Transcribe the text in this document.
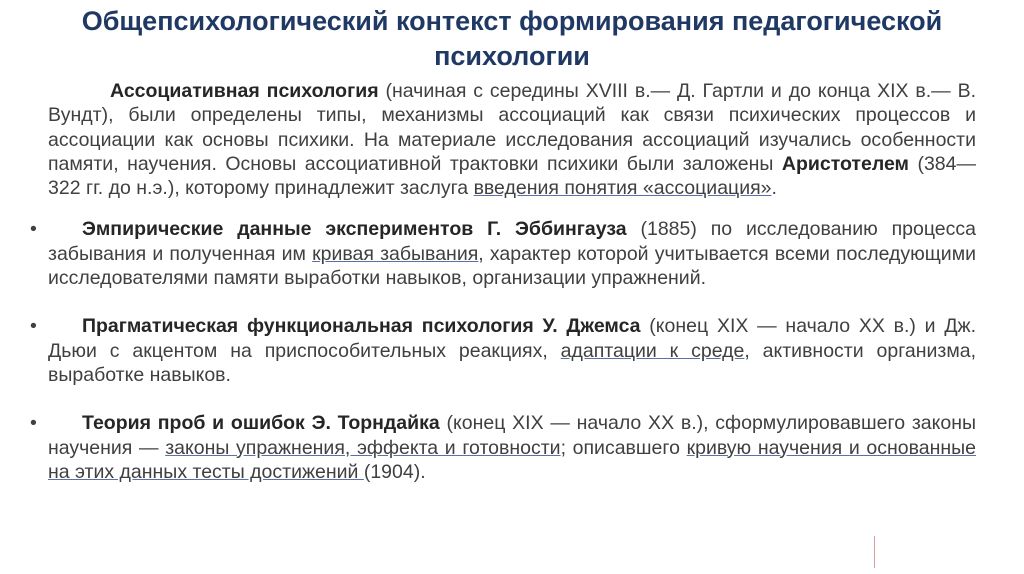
Общепсихологический контекст формирования педагогической
психологии

Ассоциативная психология (начиная с середины XVIII в.— Д. Гартли и до конца XIX в.— В. Вундт), были определены типы, механизмы ассоциаций как связи психических процессов и ассоциации как основы психики. На материале исследования ассоциаций изучались особенности памяти, научения. Основы ассоциативной трактовки психики были заложены Аристотелем (384—322 гг. до н.э.), которому принадлежит заслуга введения понятия «ассоциация».

•	Эмпирические данные экспериментов Г. Эббингауза (1885) по исследованию процесса забывания и полученная им кривая забывания, характер которой учитывается всеми последующими исследователями памяти выработки навыков, организации упражнений.
•	Прагматическая функциональная психология У. Джемса (конец XIX — начало XX в.) и Дж. Дьюи с акцентом на приспособительных реакциях, адаптации к среде, активности организма, выработке навыков.
•	Теория проб и ошибок Э. Торндайка (конец XIX — начало XX в.), сформулировавшего законы научения — законы упражнения, эффекта и готовности; описавшего кривую научения и основанные на этих данных тесты достижений (1904).
